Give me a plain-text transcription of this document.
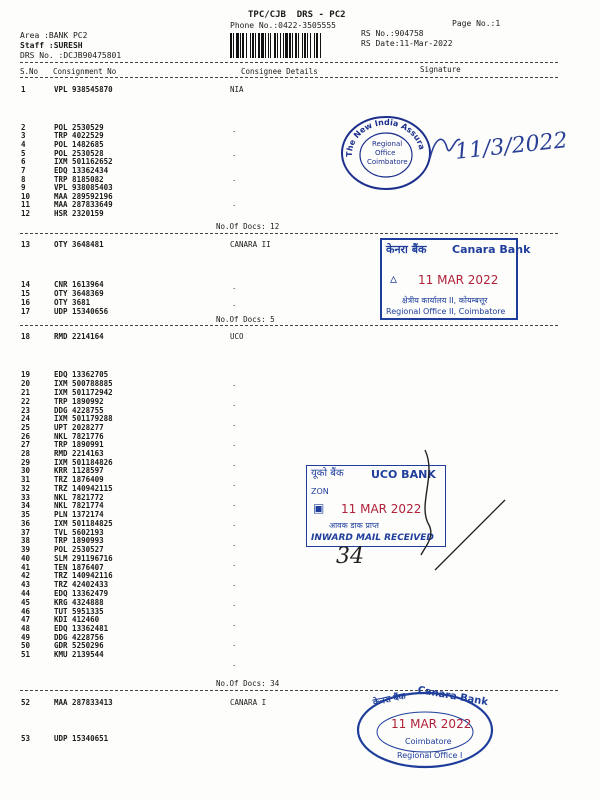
TPC/CJB  DRS - PC2
Phone No.:0422-3505555	Page No.:1
Area :BANK PC2
Staff :SURESH
DRS No. :DCJB90475801
RS No.:904758
RS Date:11-Mar-2022
S.No Consignment No	Consignee Details	Signature
1	VPL 938545870	NIA
2	POL 2530529
3	TRP 4022529
4	POL 1482685
5	POL 2530528
6	IXM 501162652
7	EDQ 13362434
8	TRP 8185082
9	VPL 938085403
10	MAA 289592196
11	MAA 287833649
12	HSR 2320159
.
.
.
.
No.Of Docs: 12
13	OTY 3648481	CANARA II
14	CNR 1613964
15	OTY 3648369
16	OTY 3681
17	UDP 15340656
.
.
No.Of Docs: 5
18	RMD 2214164	UCO
19	EDQ 13362705
20	IXM 500788885
21	IXM 501172942
22	TRP 1890992
23	DDG 4228755
24	IXM 501179288
25	UPT 2028277
26	NKL 7821776
27	TRP 1890991
28	RMD 2214163
29	IXM 501184826
30	KRR 1128597
31	TRZ 1876409
32	TRZ 140942115
33	NKL 7821772
34	NKL 7821774
35	PLN 1372174
36	IXM 501184825
37	TVL 5602193
38	TRP 1890993
39	POL 2530527
40	SLM 291196716
41	TEN 1876407
42	TRZ 140942116
43	TRZ 42402433
44	EDQ 13362479
45	KRG 4324888
46	TUT 5951335
47	KDI 412460
48	EDQ 13362481
49	DDG 4228756
50	GDR 5250296
51	KMU 2139544
.
.
.
.
.
.
.
.
.
.
.
.
.
.
.
No.Of Docs: 34
52	MAA 287833413	CANARA I
53	UDP 15340651
The New India Assura
Regional
Office
Coimbatore 11/3/2022
केनरा बैंक Canara Bank
▵ 11 MAR 2022
क्षेत्रीय कार्यालय II, कोयम्बत्तूर
Regional Office II, Coimbatore
यूको बैंक UCO BANK
ZON
▣ 11 MAR 2022
आवक डाक प्राप्त
INWARD MAIL RECEIVED
34
केनरा बैंक Canara Bank
11 MAR 2022
Coimbatore
Regional Office I
